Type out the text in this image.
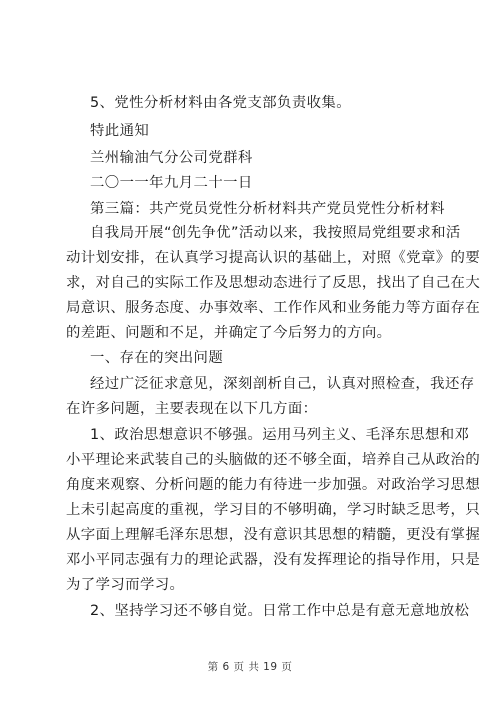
5、党性分析材料由各党支部负责收集。
特此通知
兰州输油气分公司党群科
二〇一一年九月二十一日
第三篇：共产党员党性分析材料共产党员党性分析材料
自我局开展“创先争优”活动以来，我按照局党组要求和活
动计划安排，在认真学习提高认识的基础上，对照《党章》的要
求，对自己的实际工作及思想动态进行了反思，找出了自己在大
局意识、服务态度、办事效率、工作作风和业务能力等方面存在
的差距、问题和不足，并确定了今后努力的方向。
一、存在的突出问题
经过广泛征求意见，深刻剖析自己，认真对照检查，我还存
在许多问题，主要表现在以下几方面：
1、政治思想意识不够强。运用马列主义、毛泽东思想和邓
小平理论来武装自己的头脑做的还不够全面，培养自己从政治的
角度来观察、分析问题的能力有待进一步加强。对政治学习思想
上未引起高度的重视，学习目的不够明确，学习时缺乏思考，只
从字面上理解毛泽东思想，没有意识其思想的精髓，更没有掌握
邓小平同志强有力的理论武器，没有发挥理论的指导作用，只是
为了学习而学习。
2、坚持学习还不够自觉。日常工作中总是有意无意地放松
第 6 页 共 19 页
